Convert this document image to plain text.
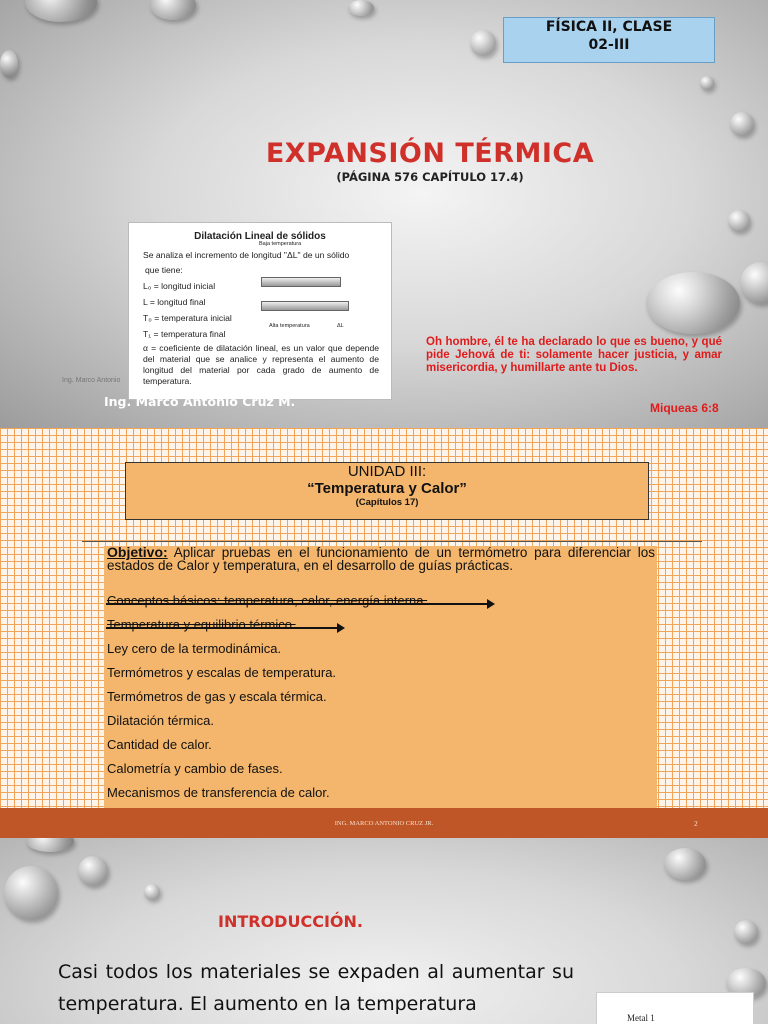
FÍSICA II, CLASE
02-III
EXPANSIÓN TÉRMICA
(PÁGINA 576 CAPÍTULO 17.4)
Dilatación Lineal de sólidos
Se analiza el incremento de longitud "ΔL" de un sólido
que tiene:
L₀ = longitud inicial
L = longitud final
T₀ = temperatura inicial
T₁ = temperatura final
Baja temperatura
Alta temperatura	ΔL
α = coeficiente de dilatación lineal, es un valor que depende del material que se analice y representa el aumento de longitud del material por cada grado de aumento de temperatura.
Ing. Marco Antonio
Ing. Marco Antonio Cruz M.
Oh hombre, él te ha declarado lo que es bueno, y qué pide Jehová de ti: solamente hacer justicia, y amar misericordia, y humillarte ante tu Dios.
Miqueas 6:8
UNIDAD III:
“Temperatura y Calor”
(Capítulos 17)
Objetivo: Aplicar pruebas en el funcionamiento de un termómetro para diferenciar los estados de Calor y temperatura, en el desarrollo de guías prácticas.
Conceptos básicos: temperatura, calor, energía interna.
Temperatura y equilibrio térmico.
Ley cero de la termodinámica.
Termómetros y escalas de temperatura.
Termómetros de gas y escala térmica.
Dilatación térmica.
Cantidad de calor.
Calometría y cambio de fases.
Mecanismos de transferencia de calor.
ING. MARCO ANTONIO CRUZ JR.	2
INTRODUCCIÓN.
Casi todos los materiales se expaden al aumentar su temperatura. El aumento en la temperatura
Metal 1
